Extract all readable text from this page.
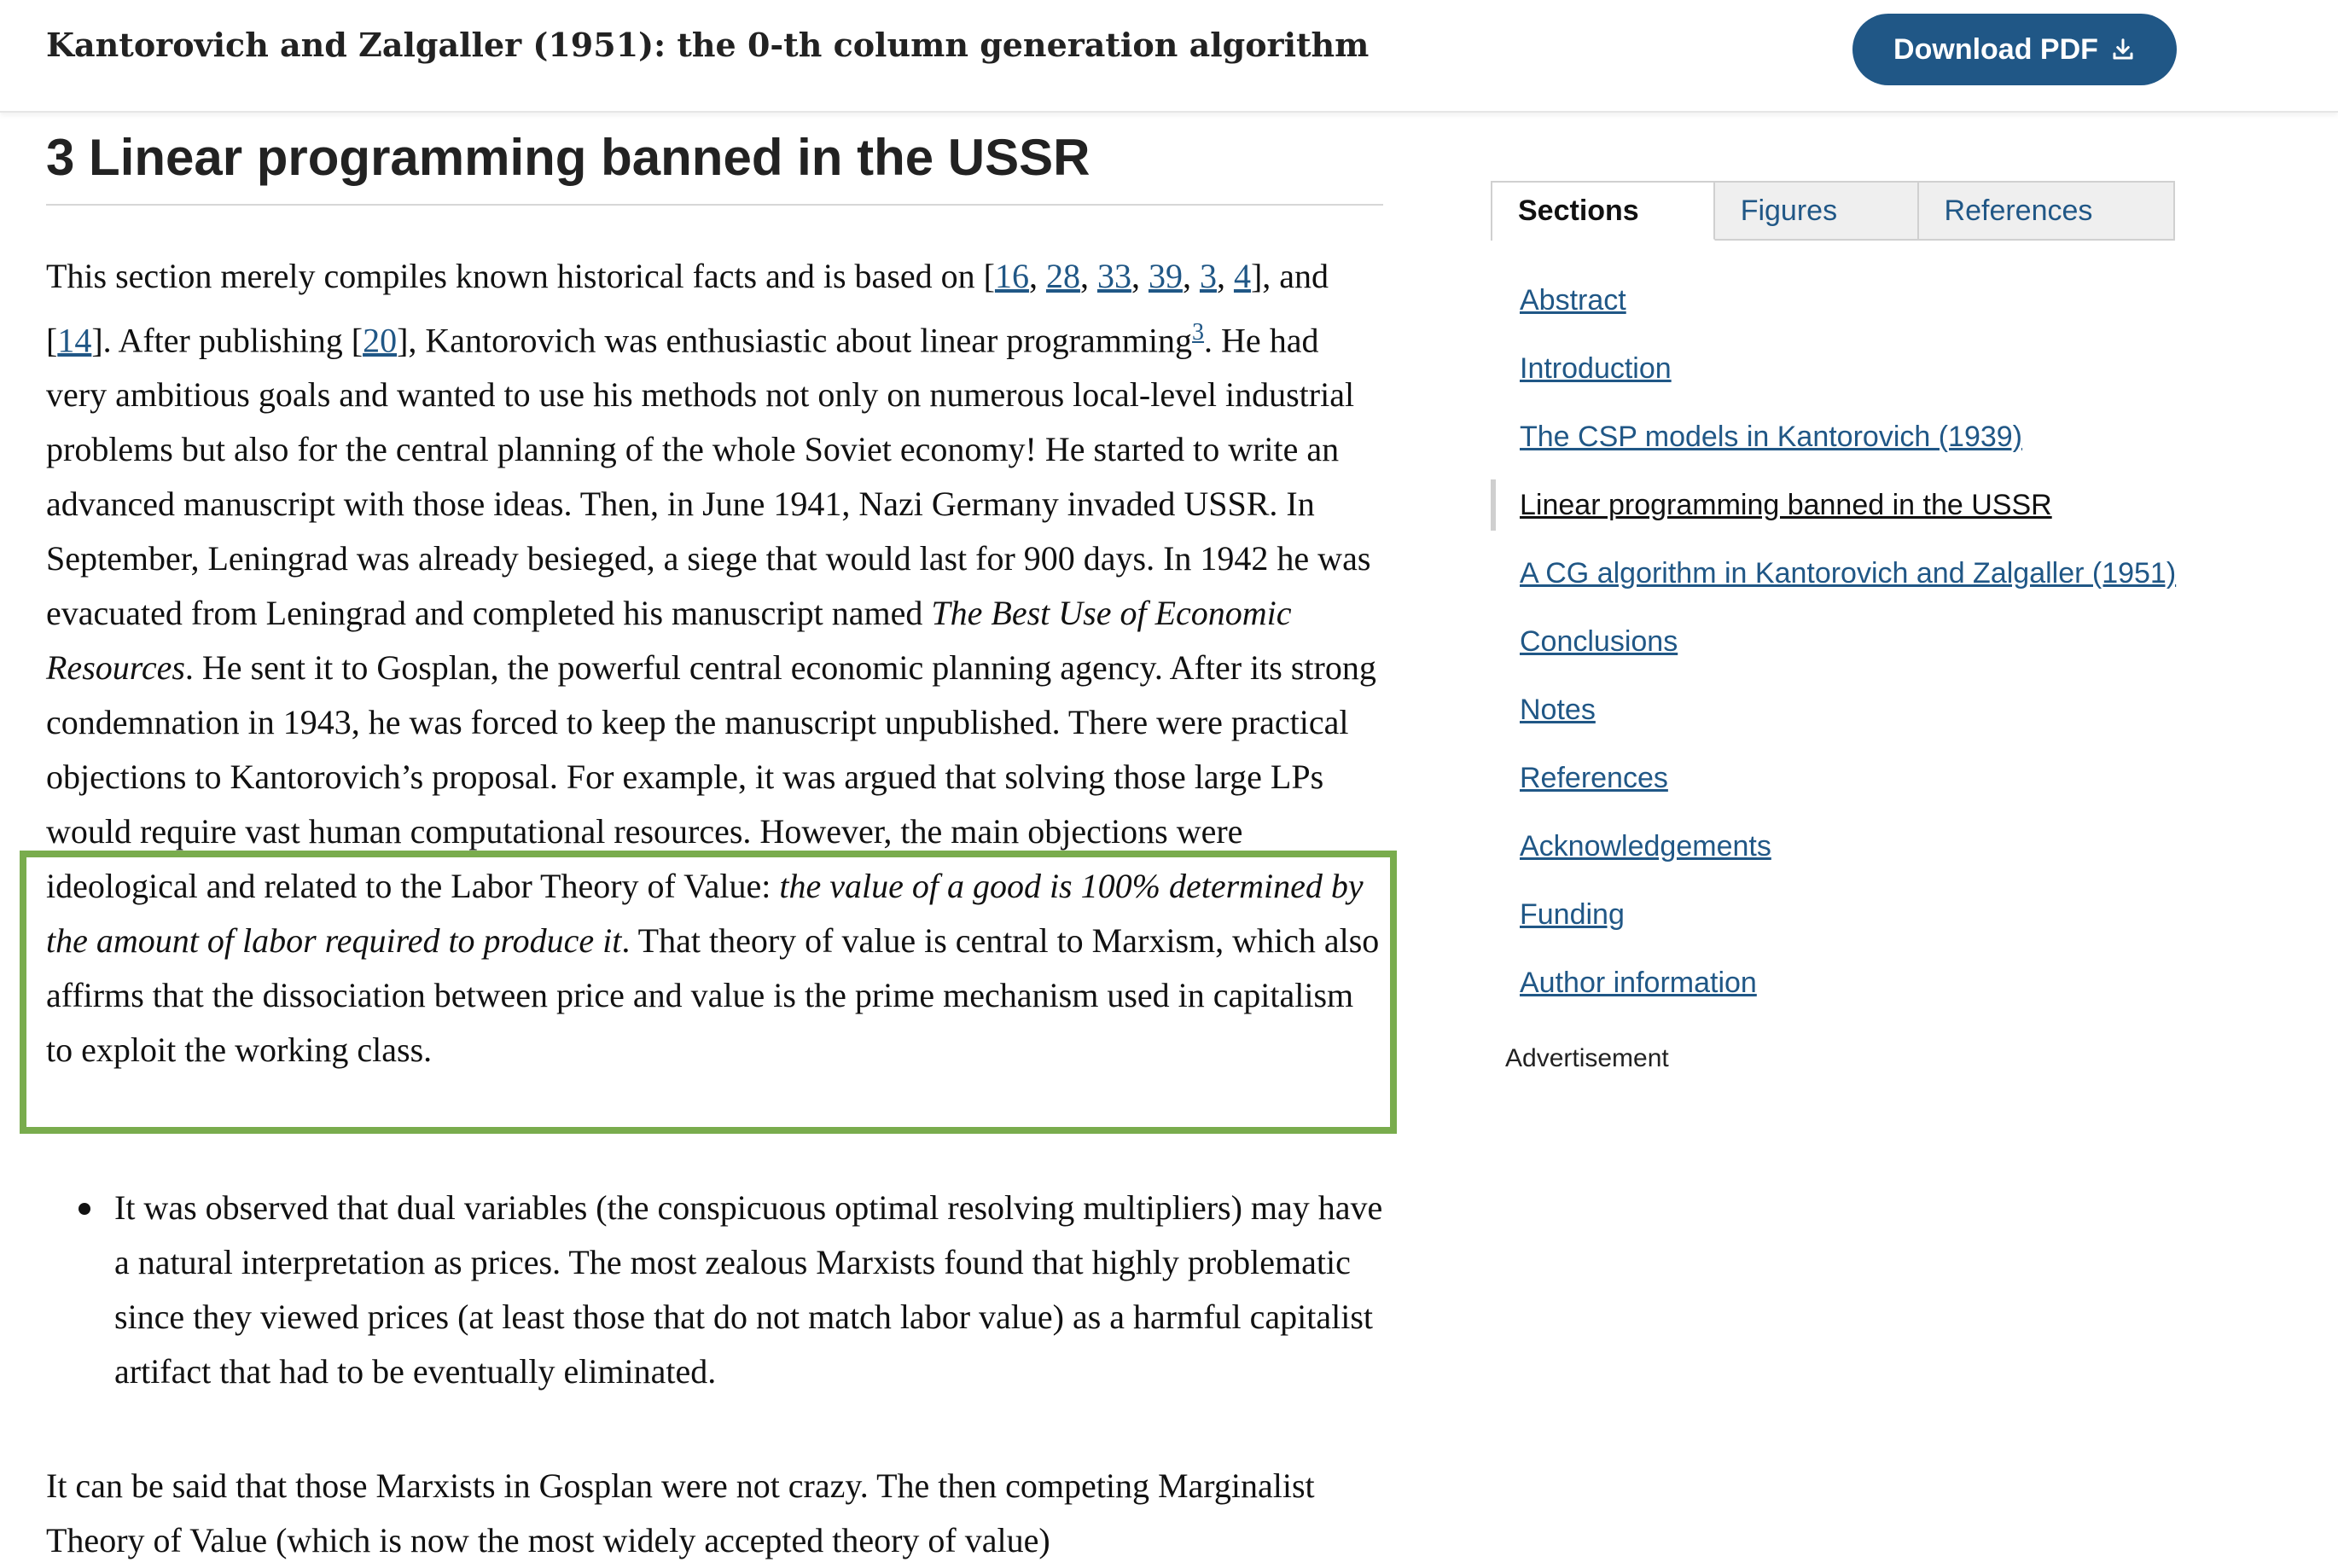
Kantorovich and Zalgaller (1951): the 0-th column generation algorithm	Download PDF
3 Linear programming banned in the USSR

This section merely compiles known historical facts and is based on [16, 28, 33, 39, 3, 4], and [14]. After publishing [20], Kantorovich was enthusiastic about linear programming$^3$. He had very ambitious goals and wanted to use his methods not only on numerous local-level industrial problems but also for the central planning of the whole Soviet economy! He started to write an advanced manuscript with those ideas. Then, in June 1941, Nazi Germany invaded USSR. In September, Leningrad was already besieged, a siege that would last for 900 days. In 1942 he was evacuated from Leningrad and completed his manuscript named The Best Use of Economic Resources. He sent it to Gosplan, the powerful central economic planning agency. After its strong condemnation in 1943, he was forced to keep the manuscript unpublished. There were practical objections to Kantorovich’s proposal. For example, it was argued that solving those large LPs would require vast human computational resources. However, the main objections were ideological and related to the Labor Theory of Value: the value of a good is 100% determined by the amount of labor required to produce it. That theory of value is central to Marxism, which also affirms that the dissociation between price and value is the prime mechanism used in capitalism to exploit the working class.

It was observed that dual variables (the conspicuous optimal resolving multipliers) may have a natural interpretation as prices. The most zealous Marxists found that highly problematic since they viewed prices (at least those that do not match labor value) as a harmful capitalist artifact that had to be eventually eliminated.

It can be said that those Marxists in Gosplan were not crazy. The then competing Marginalist Theory of Value (which is now the most widely accepted theory of value)

Sections	Figures	References
Abstract
Introduction
The CSP models in Kantorovich (1939)
Linear programming banned in the USSR
A CG algorithm in Kantorovich and Zalgaller (1951)
Conclusions
Notes
References
Acknowledgements
Funding
Author information
Advertisement
